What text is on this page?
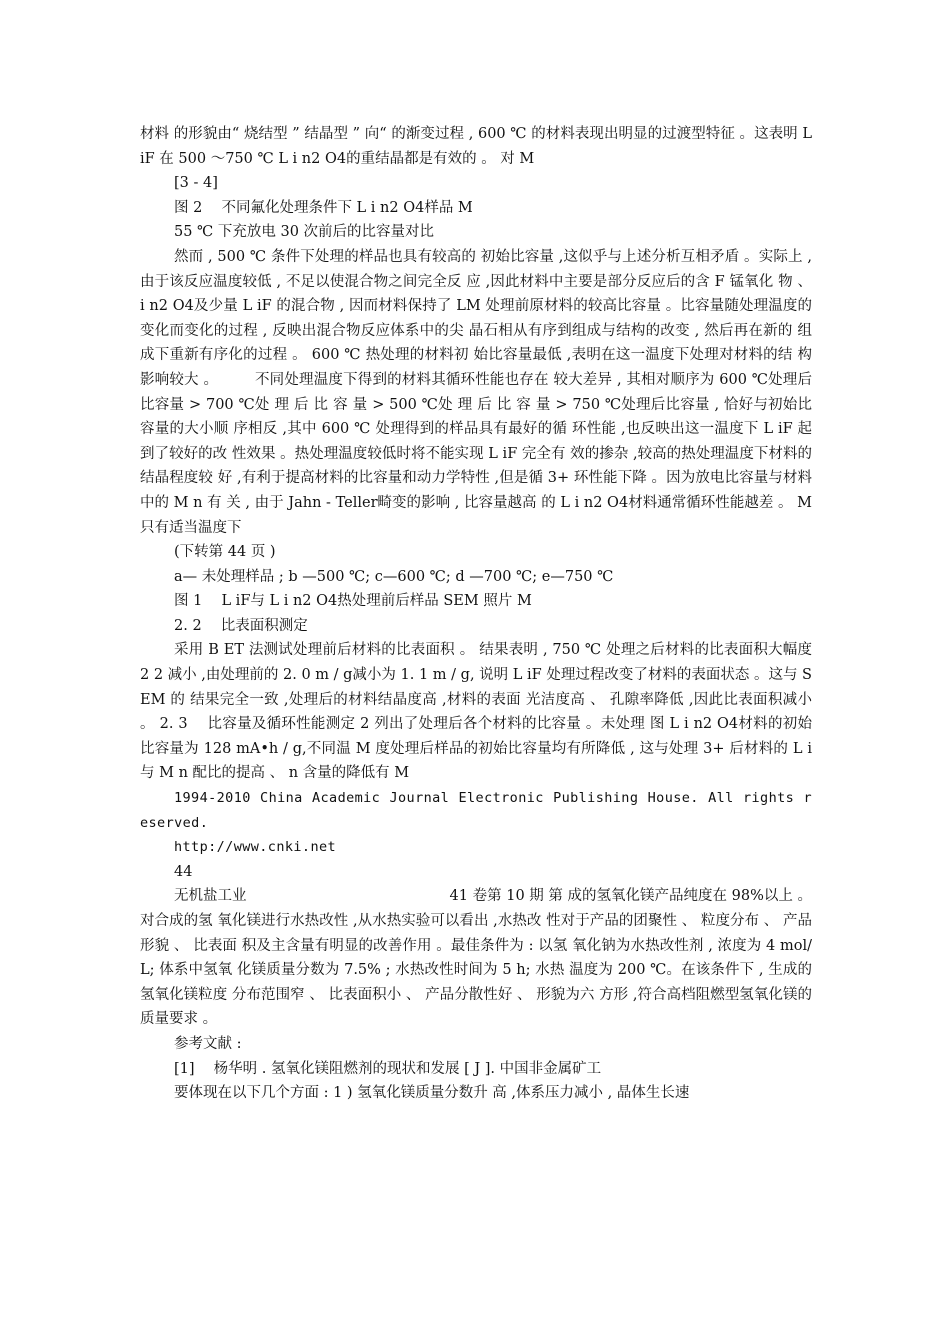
材料 的形貌由“ 烧结型 ” 结晶型 ” 向“ 的渐变过程 , 600 ℃ 的材料表现出明显的过渡型特征 。这表明 L iF 在 500 ～750 ℃ L i n2 O4的重结晶都是有效的 。 对 M

[3 - 4]

图 2　 不同氟化处理条件下 L i n2 O4样品 M

55 ℃ 下充放电 30 次前后的比容量对比

然而 , 500 ℃ 条件下处理的样品也具有较高的 初始比容量 ,这似乎与上述分析互相矛盾 。实际上 , 由于该反应温度较低 , 不足以使混合物之间完全反 应 ,因此材料中主要是部分反应后的含 F 锰氧化 物 、 i n2 O4及少量 L iF 的混合物 , 因而材料保持了 LM 处理前原材料的较高比容量 。比容量随处理温度的 变化而变化的过程 , 反映出混合物反应体系中的尖 晶石相从有序到组成与结构的改变 , 然后再在新的 组成下重新有序化的过程 。 600 ℃ 热处理的材料初 始比容量最低 ,表明在这一温度下处理对材料的结 构影响较大 。　　　不同处理温度下得到的材料其循环性能也存在 较大差异 , 其相对顺序为 600 ℃处理后比容量 > 700 ℃处 理 后 比 容 量 > 500 ℃处 理 后 比 容 量 > 750 ℃处理后比容量 , 恰好与初始比容量的大小顺 序相反 ,其中 600 ℃ 处理得到的样品具有最好的循 环性能 ,也反映出这一温度下 L iF 起到了较好的改 性效果 。热处理温度较低时将不能实现 L iF 完全有 效的掺杂 ,较高的热处理温度下材料的结晶程度较 好 ,有利于提高材料的比容量和动力学特性 ,但是循 3+ 环性能下降 。因为放电比容量与材料中的 M n 有 关 , 由于 Jahn - Teller畸变的影响 , 比容量越高 的 L i n2 O4材料通常循环性能越差 。 M 只有适当温度下

(下转第 44 页 )

a— 未处理样品 ; b —500 ℃; c—600 ℃; d —700 ℃; e—750 ℃

图 1　 L iF与 L i n2 O4热处理前后样品 SEM 照片 M

2. 2　 比表面积测定

采用 B ET 法测试处理前后材料的比表面积 。 结果表明 , 750 ℃ 处理之后材料的比表面积大幅度 2 2 减小 ,由处理前的 2. 0 m / g减小为 1. 1 m / g, 说明 L iF 处理过程改变了材料的表面状态 。这与 SEM 的 结果完全一致 ,处理后的材料结晶度高 ,材料的表面 光洁度高 、 孔隙率降低 ,因此比表面积减小 。 2. 3　 比容量及循环性能测定 2 列出了处理后各个材料的比容量 。未处理 图 L i n2 O4材料的初始比容量为 128 mA•h / g,不同温 M 度处理后样品的初始比容量均有所降低 , 这与处理 3+ 后材料的 L i 与 M n 配比的提高 、 n 含量的降低有 M

1994-2010 China Academic Journal Electronic Publishing House. All rights reserved.

http://www.cnki.net

44

无机盐工业　　　　　　　　　　　　　　41 卷第 10 期 第 成的氢氧化镁产品纯度在 98%以上 。对合成的氢 氧化镁进行水热改性 ,从水热实验可以看出 ,水热改 性对于产品的团聚性 、 粒度分布 、 产品形貌 、 比表面 积及主含量有明显的改善作用 。最佳条件为 : 以氢 氧化钠为水热改性剂 , 浓度为 4 mol/L; 体系中氢氧 化镁质量分数为 7.5% ; 水热改性时间为 5 h; 水热 温度为 200 ℃。在该条件下 , 生成的氢氧化镁粒度 分布范围窄 、 比表面积小 、 产品分散性好 、 形貌为六 方形 ,符合高档阻燃型氢氧化镁的质量要求 。

参考文献 :

[1]　 杨华明 . 氢氧化镁阻燃剂的现状和发展 [ J ]. 中国非金属矿工

要体现在以下几个方面 : 1 ) 氢氧化镁质量分数升 高 ,体系压力减小 , 晶体生长速
